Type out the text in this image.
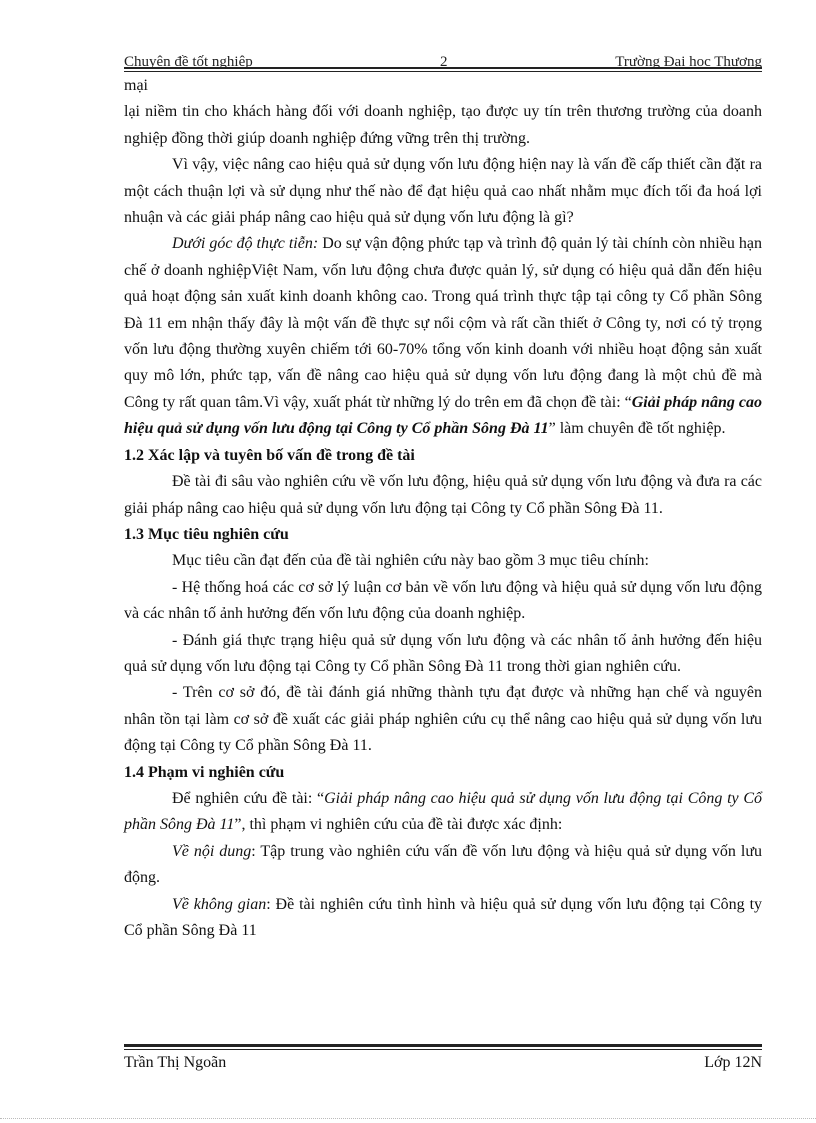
Chuyên đề tốt nghiệp	2	Trường Đại học Thương

mại

lại niềm tin cho khách hàng đối với doanh nghiệp, tạo được uy tín trên thương trường của doanh nghiệp đồng thời giúp doanh nghiệp đứng vững trên thị trường.

Vì vậy, việc nâng cao hiệu quả sử dụng vốn lưu động hiện nay là vấn đề cấp thiết cần đặt ra một cách thuận lợi và sử dụng như thế nào để đạt hiệu quả cao nhất nhằm mục đích tối đa hoá lợi nhuận và các giải pháp nâng cao hiệu quả sử dụng vốn lưu động là gì?

Dưới góc độ thực tiễn: Do sự vận động phức tạp và trình độ quản lý tài chính còn nhiều hạn chế ở doanh nghiệpViệt Nam, vốn lưu động chưa được quản lý, sử dụng có hiệu quả dẫn đến hiệu quả hoạt động sản xuất kinh doanh không cao. Trong quá trình thực tập tại công ty Cổ phần Sông Đà 11 em nhận thấy đây là một vấn đề thực sự nổi cộm và rất cần thiết ở Công ty, nơi có tỷ trọng vốn lưu động thường xuyên chiếm tới 60-70% tổng vốn kinh doanh với nhiều hoạt động sản xuất quy mô lớn, phức tạp, vấn đề nâng cao hiệu quả sử dụng vốn lưu động đang là một chủ đề mà Công ty rất quan tâm.Vì vậy, xuất phát từ những lý do trên em đã chọn đề tài: “Giải pháp nâng cao hiệu quả sử dụng vốn lưu động tại Công ty Cổ phần Sông Đà 11” làm chuyên đề tốt nghiệp.

1.2 Xác lập và tuyên bố vấn đề trong đề tài

Đề tài đi sâu vào nghiên cứu về vốn lưu động, hiệu quả sử dụng vốn lưu động và đưa ra các giải pháp nâng cao hiệu quả sử dụng vốn lưu động tại Công ty Cổ phần Sông Đà 11.

1.3 Mục tiêu nghiên cứu

Mục tiêu cần đạt đến của đề tài nghiên cứu này bao gồm 3 mục tiêu chính:

- Hệ thống hoá các cơ sở lý luận cơ bản về vốn lưu động và hiệu quả sử dụng vốn lưu động và các nhân tố ảnh hưởng đến vốn lưu động của doanh nghiệp.

- Đánh giá thực trạng hiệu quả sử dụng vốn lưu động và các nhân tố ảnh hưởng đến hiệu quả sử dụng vốn lưu động tại Công ty Cổ phần Sông Đà 11 trong thời gian nghiên cứu.

- Trên cơ sở đó, đề tài đánh giá những thành tựu đạt được và những hạn chế và nguyên nhân tồn tại làm cơ sở đề xuất các giải pháp nghiên cứu cụ thể nâng cao hiệu quả sử dụng vốn lưu động tại Công ty Cổ phần Sông Đà 11.

1.4 Phạm vi nghiên cứu

Để nghiên cứu đề tài: “Giải pháp nâng cao hiệu quả sử dụng vốn lưu động tại Công ty Cổ phần Sông Đà 11”, thì phạm vi nghiên cứu của đề tài được xác định:

Về nội dung: Tập trung vào nghiên cứu vấn đề vốn lưu động và hiệu quả sử dụng vốn lưu động.

Về không gian: Đề tài nghiên cứu tình hình và hiệu quả sử dụng vốn lưu động tại Công ty Cổ phần Sông Đà 11

Trần Thị Ngoãn	Lớp 12N
